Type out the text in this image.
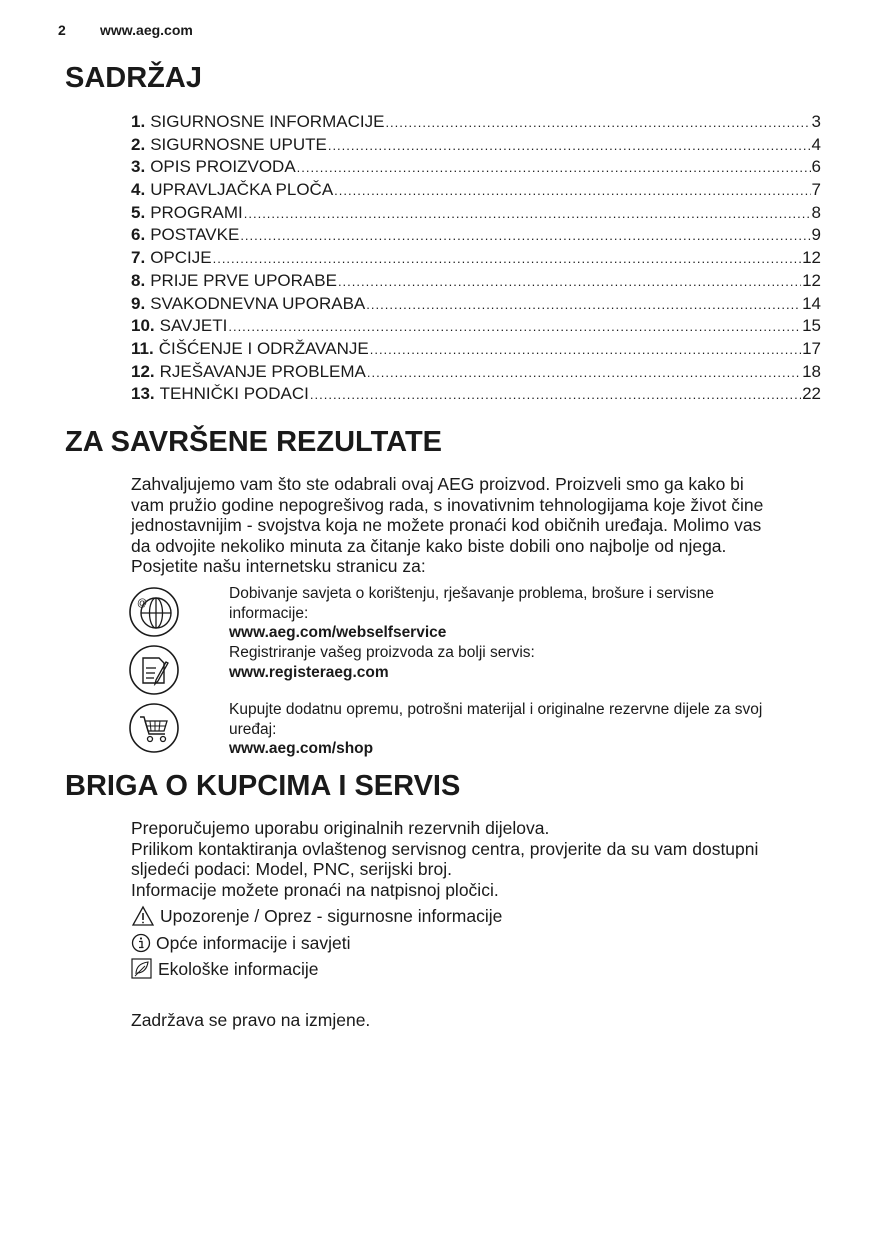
2 www.aeg.com
SADRŽAJ
1. SIGURNOSNE INFORMACIJE .....	3
2. SIGURNOSNE UPUTE .....	4
3. OPIS PROIZVODA .....	6
4. UPRAVLJAČKA PLOČA .....	7
5. PROGRAMI .....	8
6. POSTAVKE .....	9
7. OPCIJE .....	12
8. PRIJE PRVE UPORABE .....	12
9. SVAKODNEVNA UPORABA .....	14
10. SAVJETI .....	15
11. ČIŠĆENJE I ODRŽAVANJE .....	17
12. RJEŠAVANJE PROBLEMA .....	18
13. TEHNIČKI PODACI .....	22
ZA SAVRŠENE REZULTATE
Zahvaljujemo vam što ste odabrali ovaj AEG proizvod. Proizveli smo ga kako bi
vam pružio godine nepogrešivog rada, s inovativnim tehnologijama koje život čine
jednostavnijim - svojstva koja ne možete pronaći kod običnih uređaja. Molimo vas
da odvojite nekoliko minuta za čitanje kako biste dobili ono najbolje od njega.
Posjetite našu internetsku stranicu za:
@
Dobivanje savjeta o korištenju, rješavanje problema, brošure i servisne
informacije:
www.aeg.com/webselfservice
Registriranje vašeg proizvoda za bolji servis:
www.registeraeg.com
Kupujte dodatnu opremu, potrošni materijal i originalne rezervne dijele za svoj
uređaj:
www.aeg.com/shop
BRIGA O KUPCIMA I SERVIS
Preporučujemo uporabu originalnih rezervnih dijelova.
Prilikom kontaktiranja ovlaštenog servisnog centra, provjerite da su vam dostupni
sljedeći podaci: Model, PNC, serijski broj.
Informacije možete pronaći na natpisnoj pločici.
Upozorenje / Oprez - sigurnosne informacije
Opće informacije i savjeti
Ekološke informacije
Zadržava se pravo na izmjene.
